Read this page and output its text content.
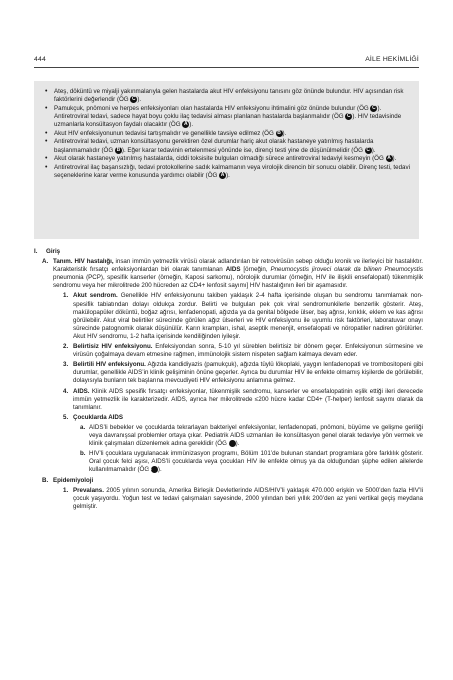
444	AİLE HEKİMLİĞİ
• Ateş, döküntü ve miyalji yakınmalarıyla gelen hastalarda akut HIV enfeksiyonu tanısını göz önünde bulundur. HIV açısından risk faktörlerini değerlendir (ÖG C ).
• Pamukçuk, pnömoni ve herpes enfeksiyonları olan hastalarda HIV enfeksiyonu ihtimalini göz önünde bulundur (ÖG C ). Antiretroviral tedavi, sadece hayat boyu çoklu ilaç tedavisi alması planlanan hastalarda başlanmalıdır (ÖG C ). HIV tedavisinde uzmanlarla konsültasyon faydalı olacaktır (ÖG A ).
• Akut HIV enfeksiyonunun tedavisi tartışmalıdır ve genellikle tavsiye edilmez (ÖG B ).
• Antiretroviral tedavi, uzman konsültasyonu gerektiren özel durumlar hariç akut olarak hastaneye yatırılmış hastalarda başlanmamalıdır (ÖG B ). Eğer karar tedavinin ertelenmesi yönünde ise, dirençi testi yine de düşünülmelidir (ÖG C ).
• Akut olarak hastaneye yatırılmış hastalarda, ciddi toksisite bulguları olmadığı sürece antiretroviral tedaviyi kesmeyin (ÖG A ).
• Antiretroviral ilaç başarısızlığı, tedavi protokollerine sadık kalmamanın veya virolojik direncin bir sonucu olabilir. Direnç testi, tedavi seçeneklerine karar verme konusunda yardımcı olabilir (ÖG A ).
I. Giriş

A. Tanım. HIV hastalığı, insan immün yetmezlik virüsü olarak adlandırılan bir retrovirüsün sebep olduğu kronik ve ilerleyici bir hastalıktır. Karakteristik fırsatçı enfeksiyonlardan biri olarak tanımlanan AIDS [örneğin, Pneumocystis jiroveci olarak da bilinen Pneumocystis pneumonia (PCP), spesifik kanserler (örneğin, Kaposi sarkomu), nörolojik durumlar (örneğin, HIV ile ilişkili ensefalopati) tükenmişlik sendromu veya her mikrolitrede 200 hücreden az CD4+ lenfosit sayımı] HIV hastalığının ileri bir aşamasıdır.

1. Akut sendrom. Genellikle HIV enfeksiyonunu takiben yaklaşık 2-4 hafta içerisinde oluşan bu sendromu tanımlamak non-spesifik tabiatından dolayı oldukça zordur. Belirti ve bulguları pek çok viral sendromunkilerle benzerlik gösterir. Ateş, makülopapüler döküntü, boğaz ağrısı, lenfadenopati, ağızda ya da genital bölgede ülser, baş ağrısı, kırıklık, eklem ve kas ağrısı görülebilir. Akut viral belirtiler sürecinde görülen ağız ülserleri ve HIV enfeksiyonu ile uyumlu risk faktörleri, laboratuvar onayı sürecinde patognomik olarak düşünülür. Karın krampları, ishal, aseptik menenjit, ensefalopati ve nöropatiler nadiren görülürler. Akut HIV sendromu, 1-2 hafta içerisinde kendiliğinden iyileşir.

2. Belirtisiz HIV enfeksiyonu. Enfeksiyondan sonra, 5-10 yıl süreblen belirtisiz bir dönem geçer. Enfeksiyonun sürmesine ve virüsün çoğalmaya devam etmesine rağmen, immünolojik sistem nispeten sağlam kalmaya devam eder.

3. Belirtili HIV enfeksiyonu. Ağızda kandidiyazis (pamukçuk), ağızda tüylü lökoplaki, yaygın lenfadenopati ve trombositopeni gibi durumlar, genellikle AIDS’in klinik gelişiminin önüne geçerler. Ayrıca bu durumlar HIV ile enfekte olmamış kişilerde de görülebilir, dolayısıyla bunların tek başlarına mevcudiyeti HIV enfeksiyonu anlamına gelmez.

4. AIDS. Klinik AIDS spesifik fırsatçı enfeksiyonlar, tükenmişlik sendromu, kanserler ve ensefalopatinin eşlik ettiği ileri derecede immün yetmezlik ile karakterizedir. AIDS, ayrıca her mikrolitrede ≤200 hücre kadar CD4+ (T-helper) lenfosit sayımı olarak da tanımlanır.

5. Çocuklarda AIDS

a. AIDS’li bebekler ve çocuklarda tekrarlayan bakteriyel enfeksiyonlar, lenfadenopati, pnömoni, büyüme ve gelişme geriliği veya davranışsal problemler ortaya çıkar. Pediatrik AIDS uzmanları ile konsültasyon genel olarak tedaviye yön vermek ve klinik çalışmaları düzenlemek adına gereklidir (ÖG C ).

b. HIV’li çocuklara uygulanacak immünizasyon programı, Bölüm 101’de bulunan standart programlara göre farklılık gösterir. Oral çocuk felci aşısı, AIDS’li çocuklarda veya çocukları HIV ile enfekte olmuş ya da olduğundan şüphe edilen ailelerde kullanılmamalıdır (ÖG A ).

B. Epidemiyoloji

1. Prevalans. 2005 yılının sonunda, Amerika Birleşik Devletlerinde AIDS/HIV’li yaklaşık 470.000 erişkin ve 5000’den fazla HIV’li çocuk yaşıyordu. Yoğun test ve tedavi çalışmaları sayesinde, 2000 yılından beri yıllık 200’den az yeni vertikal geçiş meydana gelmiştir.
